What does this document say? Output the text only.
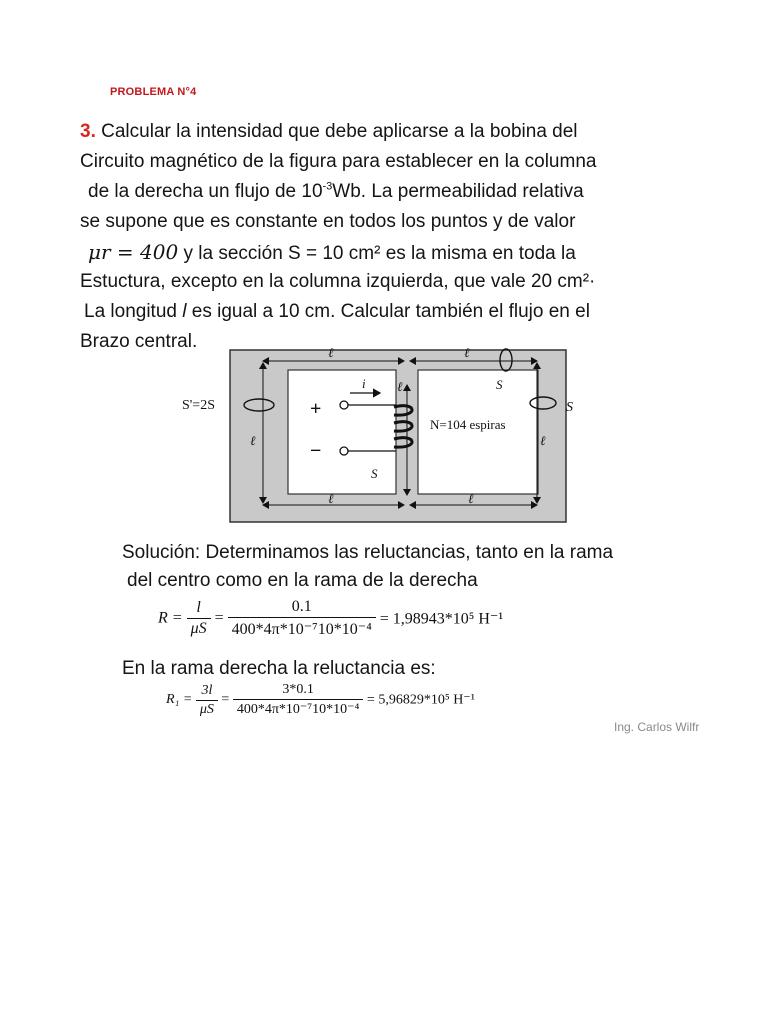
PROBLEMA N°4
3. Calcular la intensidad que debe aplicarse a la bobina del
Circuito magnético de la figura para establecer en la columna
de la derecha un flujo de $10^{-3}Wb$. La permeabilidad relativa
se supone que es constante en todos los puntos y de valor
μr = 400 y la sección S = 10 cm² es la misma en toda la
Estuctura, excepto en la columna izquierda, que vale 20 cm²·
La longitud l es igual a 10 cm. Calcular también el flujo en el
Brazo central.
S'=2S	S
S
S
i
+
−
N=104 espiras
ℓ
ℓ	ℓ
ℓ	ℓ
ℓ
ℓ
Solución: Determinamos las reluctancias, tanto en la rama
del centro como en la rama de la derecha
$R = \frac{l}{\mu S} = \frac{0.1}{\text{400*4π*10⁻⁷10*10⁻⁴}} = 1,98943*10^5$ H⁻¹
En la rama derecha la reluctancia es:
$R_1 = \frac{3l}{\mu S} = \frac{3*0.1}{\text{400*4π*10⁻⁷10*10⁻⁴}} = 5,96829*10^5$ H⁻¹
Ing. Carlos Wilfr
